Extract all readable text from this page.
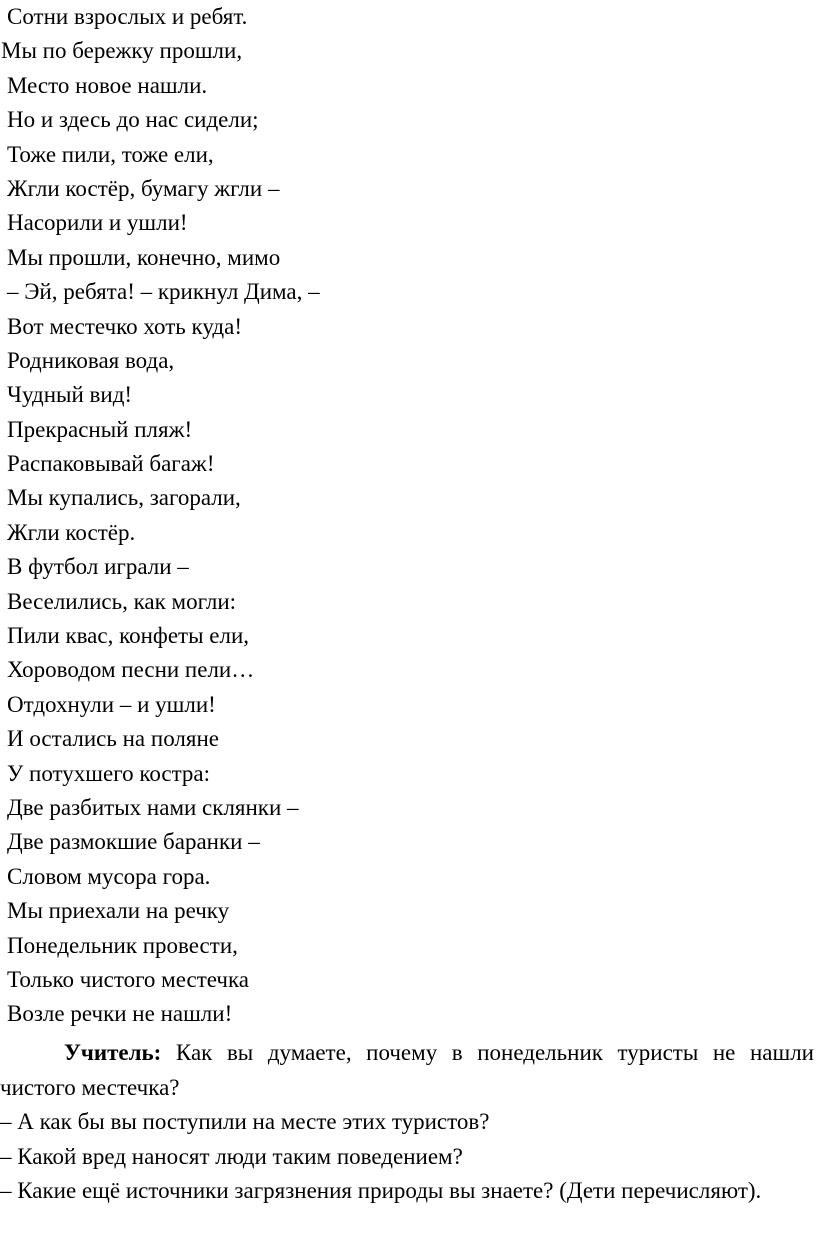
Сотни взрослых и ребят.
Мы по бережку прошли,
Место новое нашли.
Но и здесь до нас сидели;
Тоже пили, тоже ели,
Жгли костёр, бумагу жгли –
Насорили и ушли!
Мы прошли, конечно, мимо
– Эй, ребята! – крикнул Дима, –
Вот местечко хоть куда!
Родниковая вода,
Чудный вид!
Прекрасный пляж!
Распаковывай багаж!
Мы купались, загорали,
Жгли костёр.
В футбол играли –
Веселились, как могли:
Пили квас, конфеты ели,
Хороводом песни пели…
Отдохнули – и ушли!
И остались на поляне
У потухшего костра:
Две разбитых нами склянки –
Две размокшие баранки –
Словом мусора гора.
Мы приехали на речку
Понедельник провести,
Только чистого местечка
Возле речки не нашли!

Учитель: Как вы думаете, почему в понедельник туристы не нашли чистого местечка?

– А как бы вы поступили на месте этих туристов?

– Какой вред наносят люди таким поведением?

– Какие ещё источники загрязнения природы вы знаете? (Дети перечисляют).
